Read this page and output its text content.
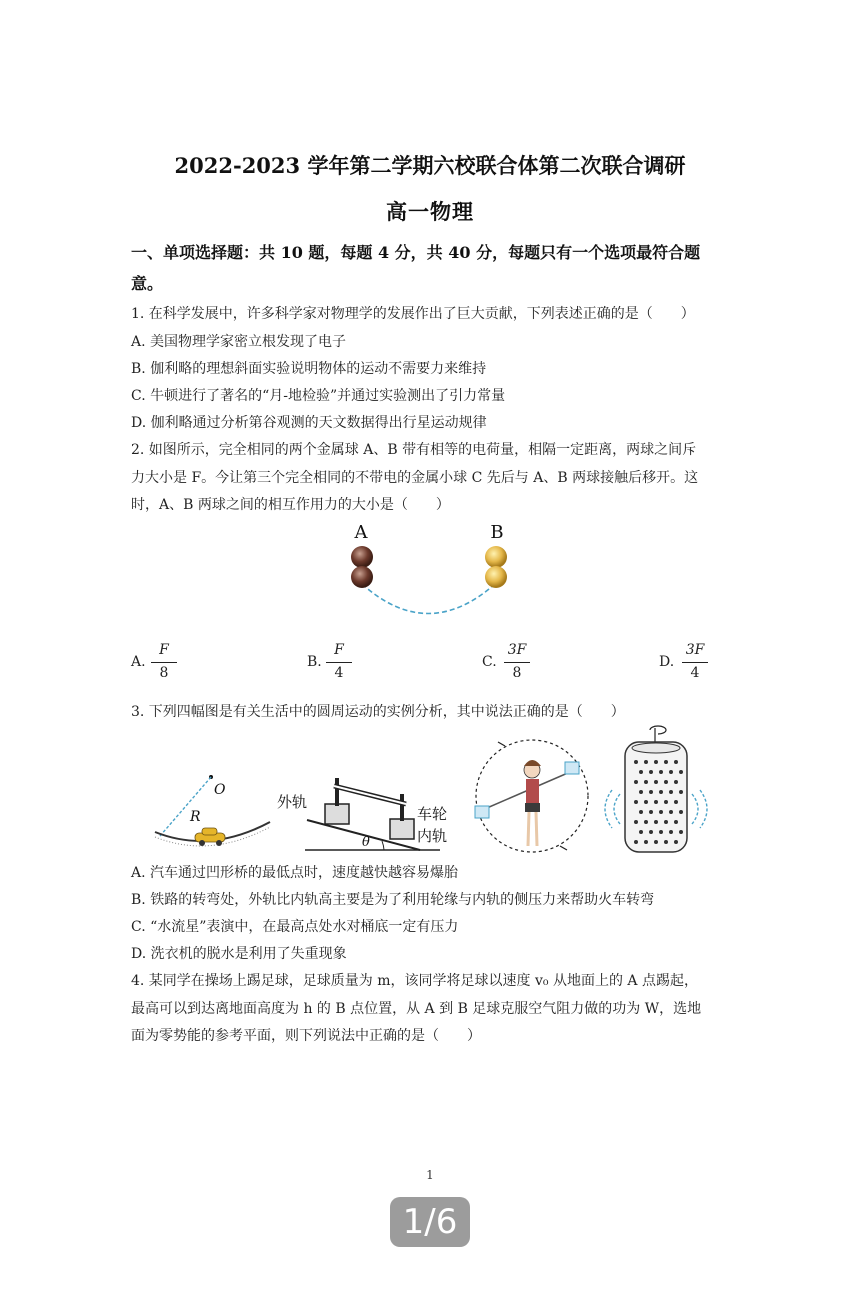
2022-2023 学年第二学期六校联合体第二次联合调研
高一物理
一、单项选择题：共 10 题，每题 4 分，共 40 分，每题只有一个选项最符合题
意。
1. 在科学发展中，许多科学家对物理学的发展作出了巨大贡献，下列表述正确的是（　　）
A. 美国物理学家密立根发现了电子
B. 伽利略的理想斜面实验说明物体的运动不需要力来维持
C. 牛顿进行了著名的“月-地检验”并通过实验测出了引力常量
D. 伽利略通过分析第谷观测的天文数据得出行星运动规律
2. 如图所示，完全相同的两个金属球 A、B 带有相等的电荷量，相隔一定距离，两球之间斥
力大小是 F。今让第三个完全相同的不带电的金属小球 C 先后与 A、B 两球接触后移开。这
时，A、B 两球之间的相互作用力的大小是（　　）
A	B
A.
F
8
B.
F
4
C.
3F
8
D.
3F
4
3. 下列四幅图是有关生活中的圆周运动的实例分析，其中说法正确的是（　　）
O
R
外轨
车轮
内轨
θ
A. 汽车通过凹形桥的最低点时，速度越快越容易爆胎
B. 铁路的转弯处，外轨比内轨高主要是为了利用轮缘与内轨的侧压力来帮助火车转弯
C. “水流星”表演中，在最高点处水对桶底一定有压力
D. 洗衣机的脱水是利用了失重现象
4. 某同学在操场上踢足球，足球质量为 m，该同学将足球以速度 v₀ 从地面上的 A 点踢起，
最高可以到达离地面高度为 h 的 B 点位置，从 A 到 B 足球克服空气阻力做的功为 W，选地
面为零势能的参考平面，则下列说法中正确的是（　　）
1
1/6
